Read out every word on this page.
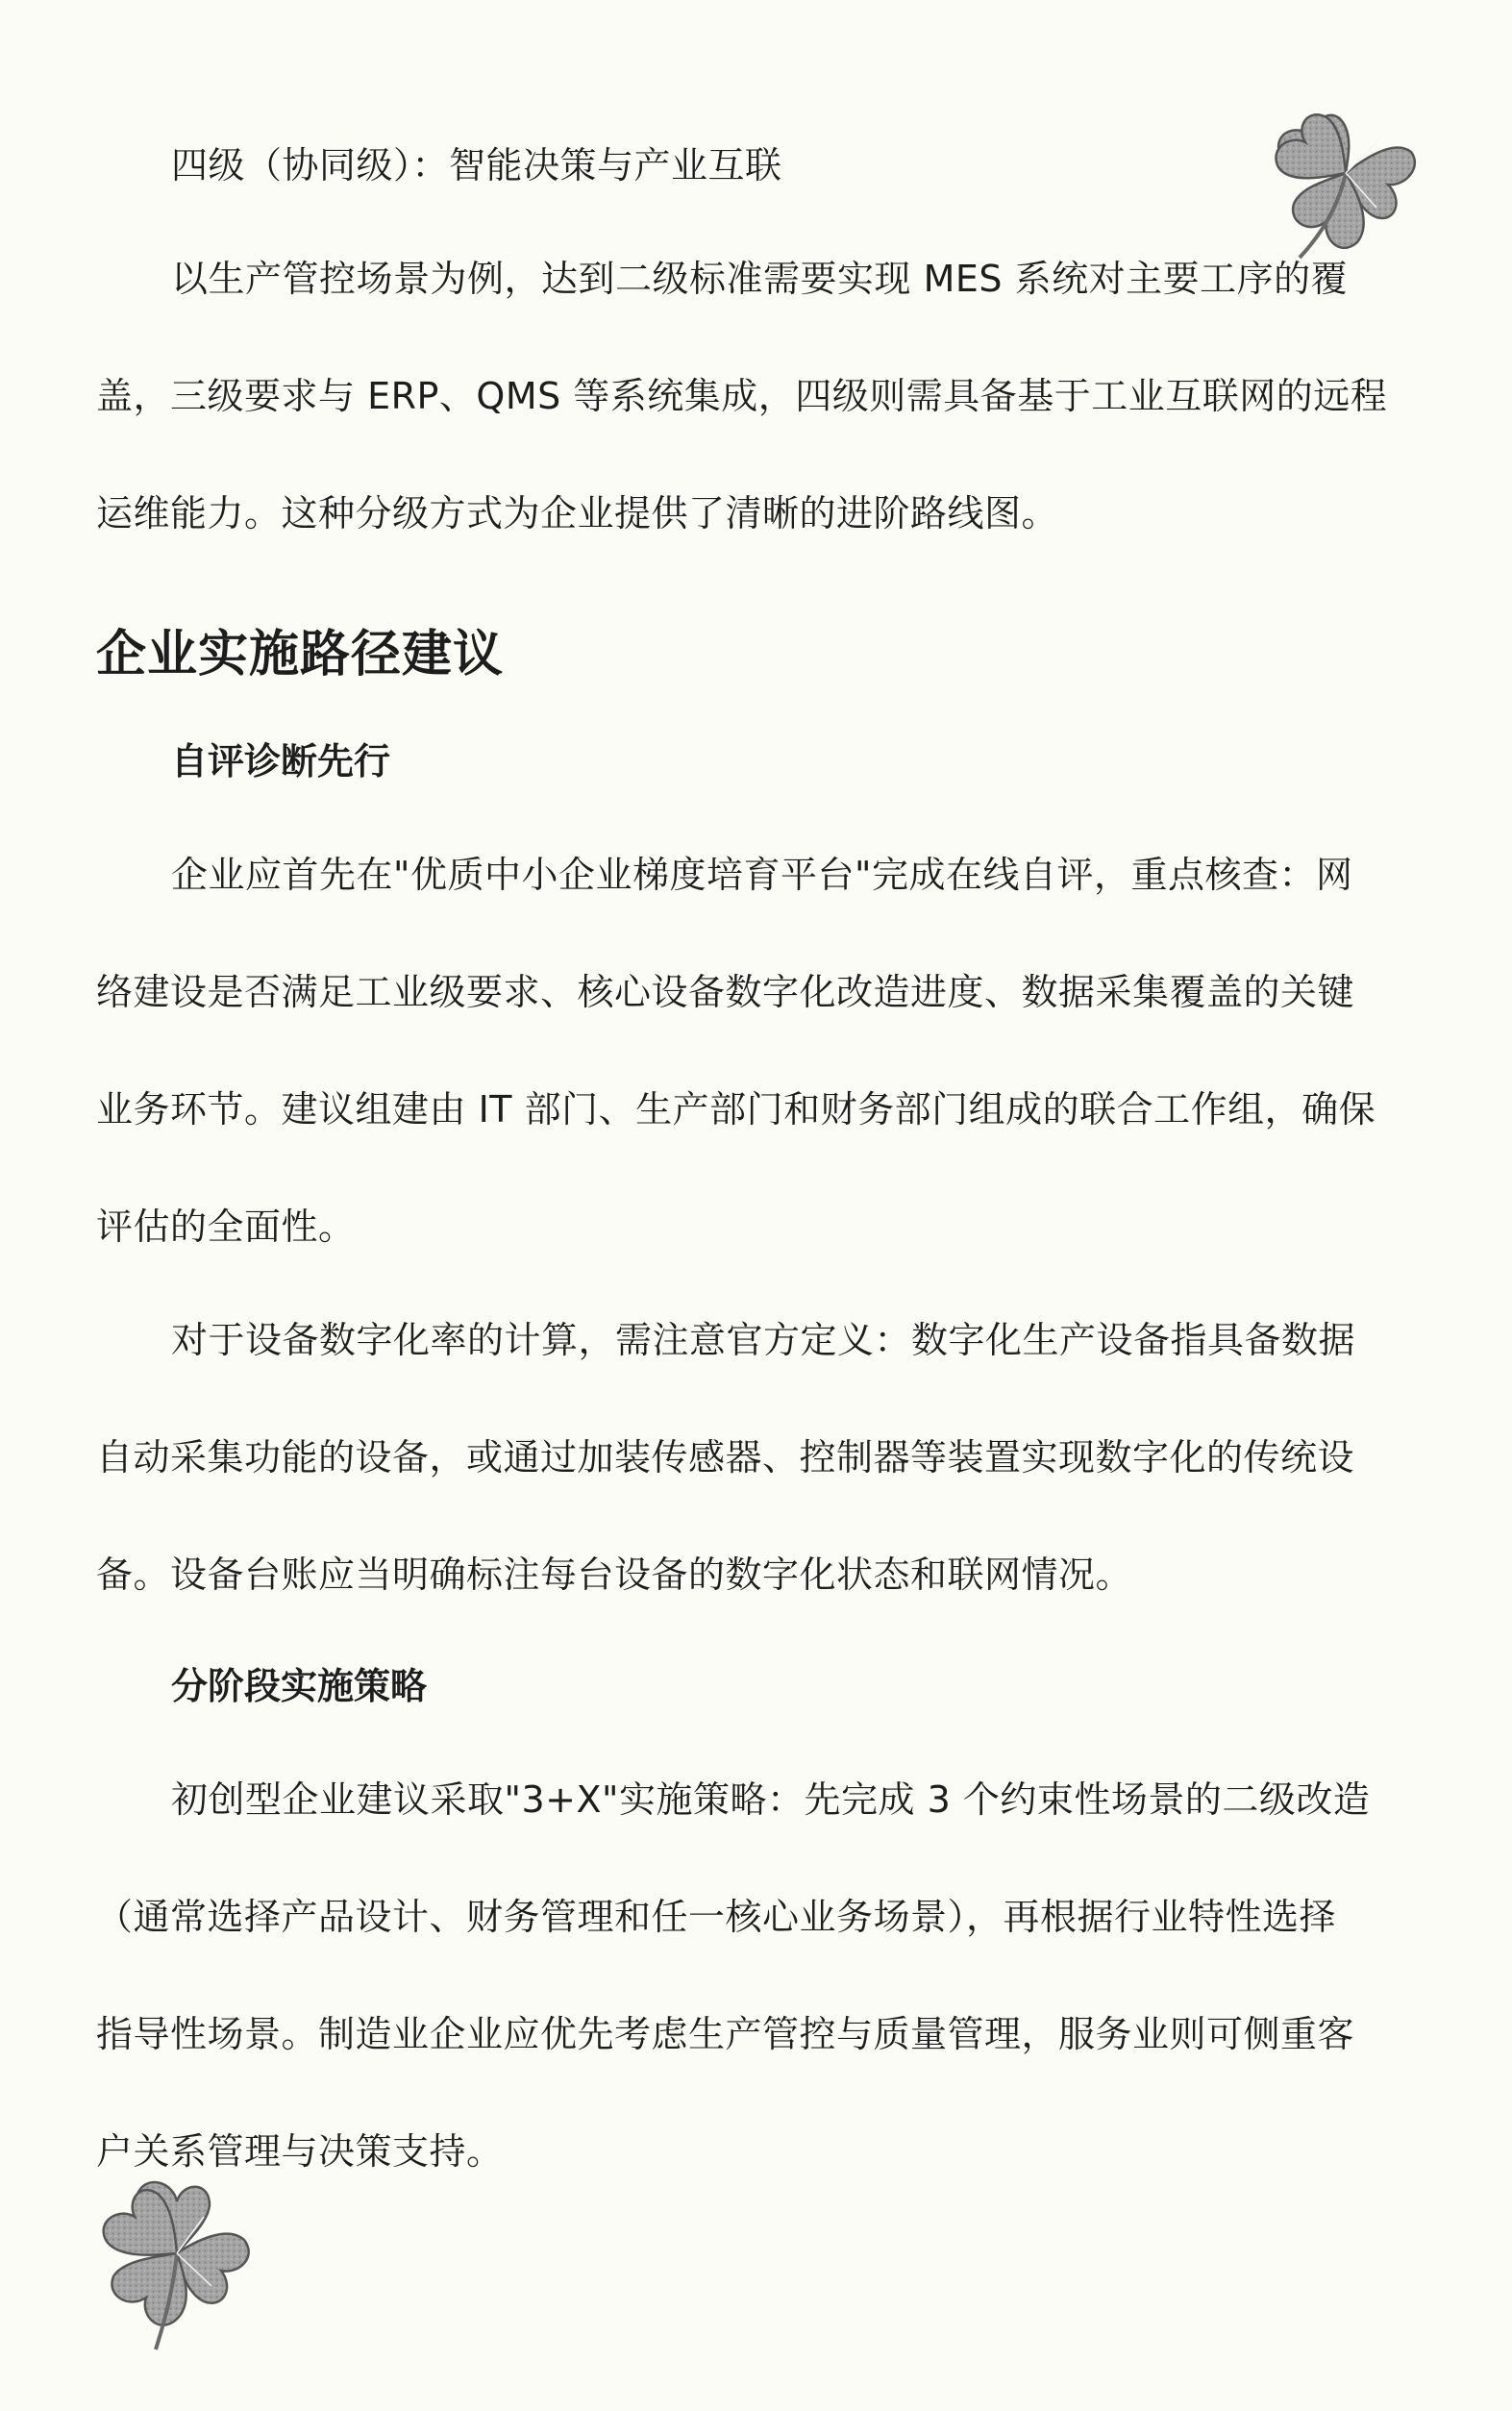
四级（协同级）：智能决策与产业互联
以生产管控场景为例，达到二级标准需要实现 MES 系统对主要工序的覆
盖，三级要求与 ERP、QMS 等系统集成，四级则需具备基于工业互联网的远程
运维能力。这种分级方式为企业提供了清晰的进阶路线图。
企业实施路径建议
自评诊断先行
企业应首先在"优质中小企业梯度培育平台"完成在线自评，重点核查：网
络建设是否满足工业级要求、核心设备数字化改造进度、数据采集覆盖的关键
业务环节。建议组建由 IT 部门、生产部门和财务部门组成的联合工作组，确保
评估的全面性。
对于设备数字化率的计算，需注意官方定义：数字化生产设备指具备数据
自动采集功能的设备，或通过加装传感器、控制器等装置实现数字化的传统设
备。设备台账应当明确标注每台设备的数字化状态和联网情况。
分阶段实施策略
初创型企业建议采取"3+X"实施策略：先完成 3 个约束性场景的二级改造
（通常选择产品设计、财务管理和任一核心业务场景），再根据行业特性选择
指导性场景。制造业企业应优先考虑生产管控与质量管理，服务业则可侧重客
户关系管理与决策支持。
